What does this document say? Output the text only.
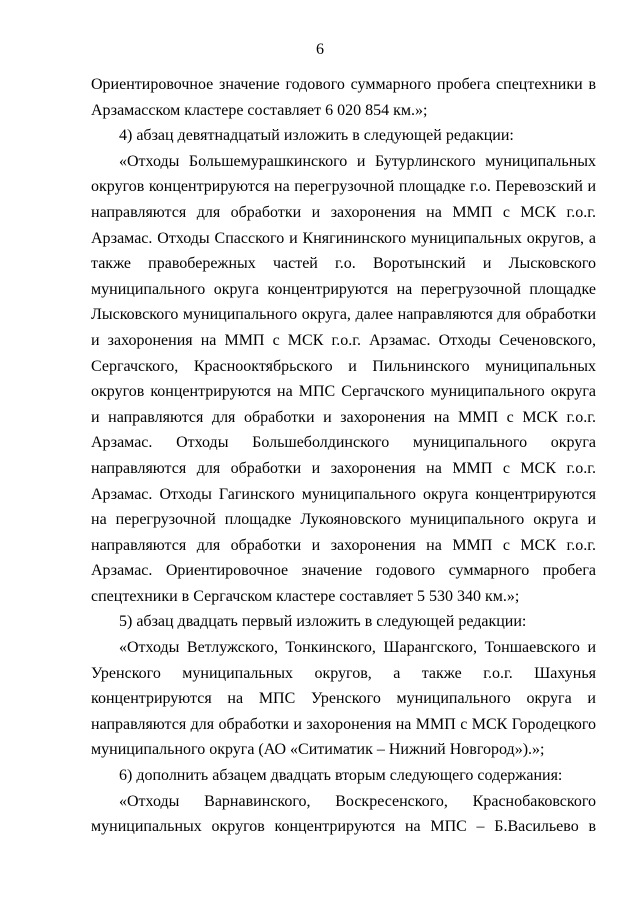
6

Ориентировочное значение годового суммарного пробега спецтехники в Арзамасском кластере составляет 6 020 854 км.»;

4) абзац девятнадцатый изложить в следующей редакции:

«Отходы Большемурашкинского и Бутурлинского муниципальных округов концентрируются на перегрузочной площадке г.о. Перевозский и направляются для обработки и захоронения на ММП с МСК г.о.г. Арзамас. Отходы Спасского и Княгининского муниципальных округов, а также правобережных частей г.о. Воротынский и Лысковского муниципального округа концентрируются на перегрузочной площадке Лысковского муниципального округа, далее направляются для обработки и захоронения на ММП с МСК г.о.г. Арзамас. Отходы Сеченовского, Сергачского, Краснооктябрьского и Пильнинского муниципальных округов концентрируются на МПС Сергачского муниципального округа и направляются для обработки и захоронения на ММП с МСК г.о.г. Арзамас. Отходы Большеболдинского муниципального округа направляются для обработки и захоронения на ММП с МСК г.о.г. Арзамас. Отходы Гагинского муниципального округа концентрируются на перегрузочной площадке Лукояновского муниципального округа и направляются для обработки и захоронения на ММП с МСК г.о.г. Арзамас. Ориентировочное значение годового суммарного пробега спецтехники в Сергачском кластере составляет 5 530 340 км.»;

5) абзац двадцать первый изложить в следующей редакции:

«Отходы Ветлужского, Тонкинского, Шарангского, Тоншаевского и Уренского муниципальных округов, а также г.о.г. Шахунья концентрируются на МПС Уренского муниципального округа и направляются для обработки и захоронения на ММП с МСК Городецкого муниципального округа (АО «Ситиматик – Нижний Новгород»).»;

6) дополнить абзацем двадцать вторым следующего содержания:

«Отходы Варнавинского, Воскресенского, Краснобаковского муниципальных округов концентрируются на МПС – Б.Васильево в
